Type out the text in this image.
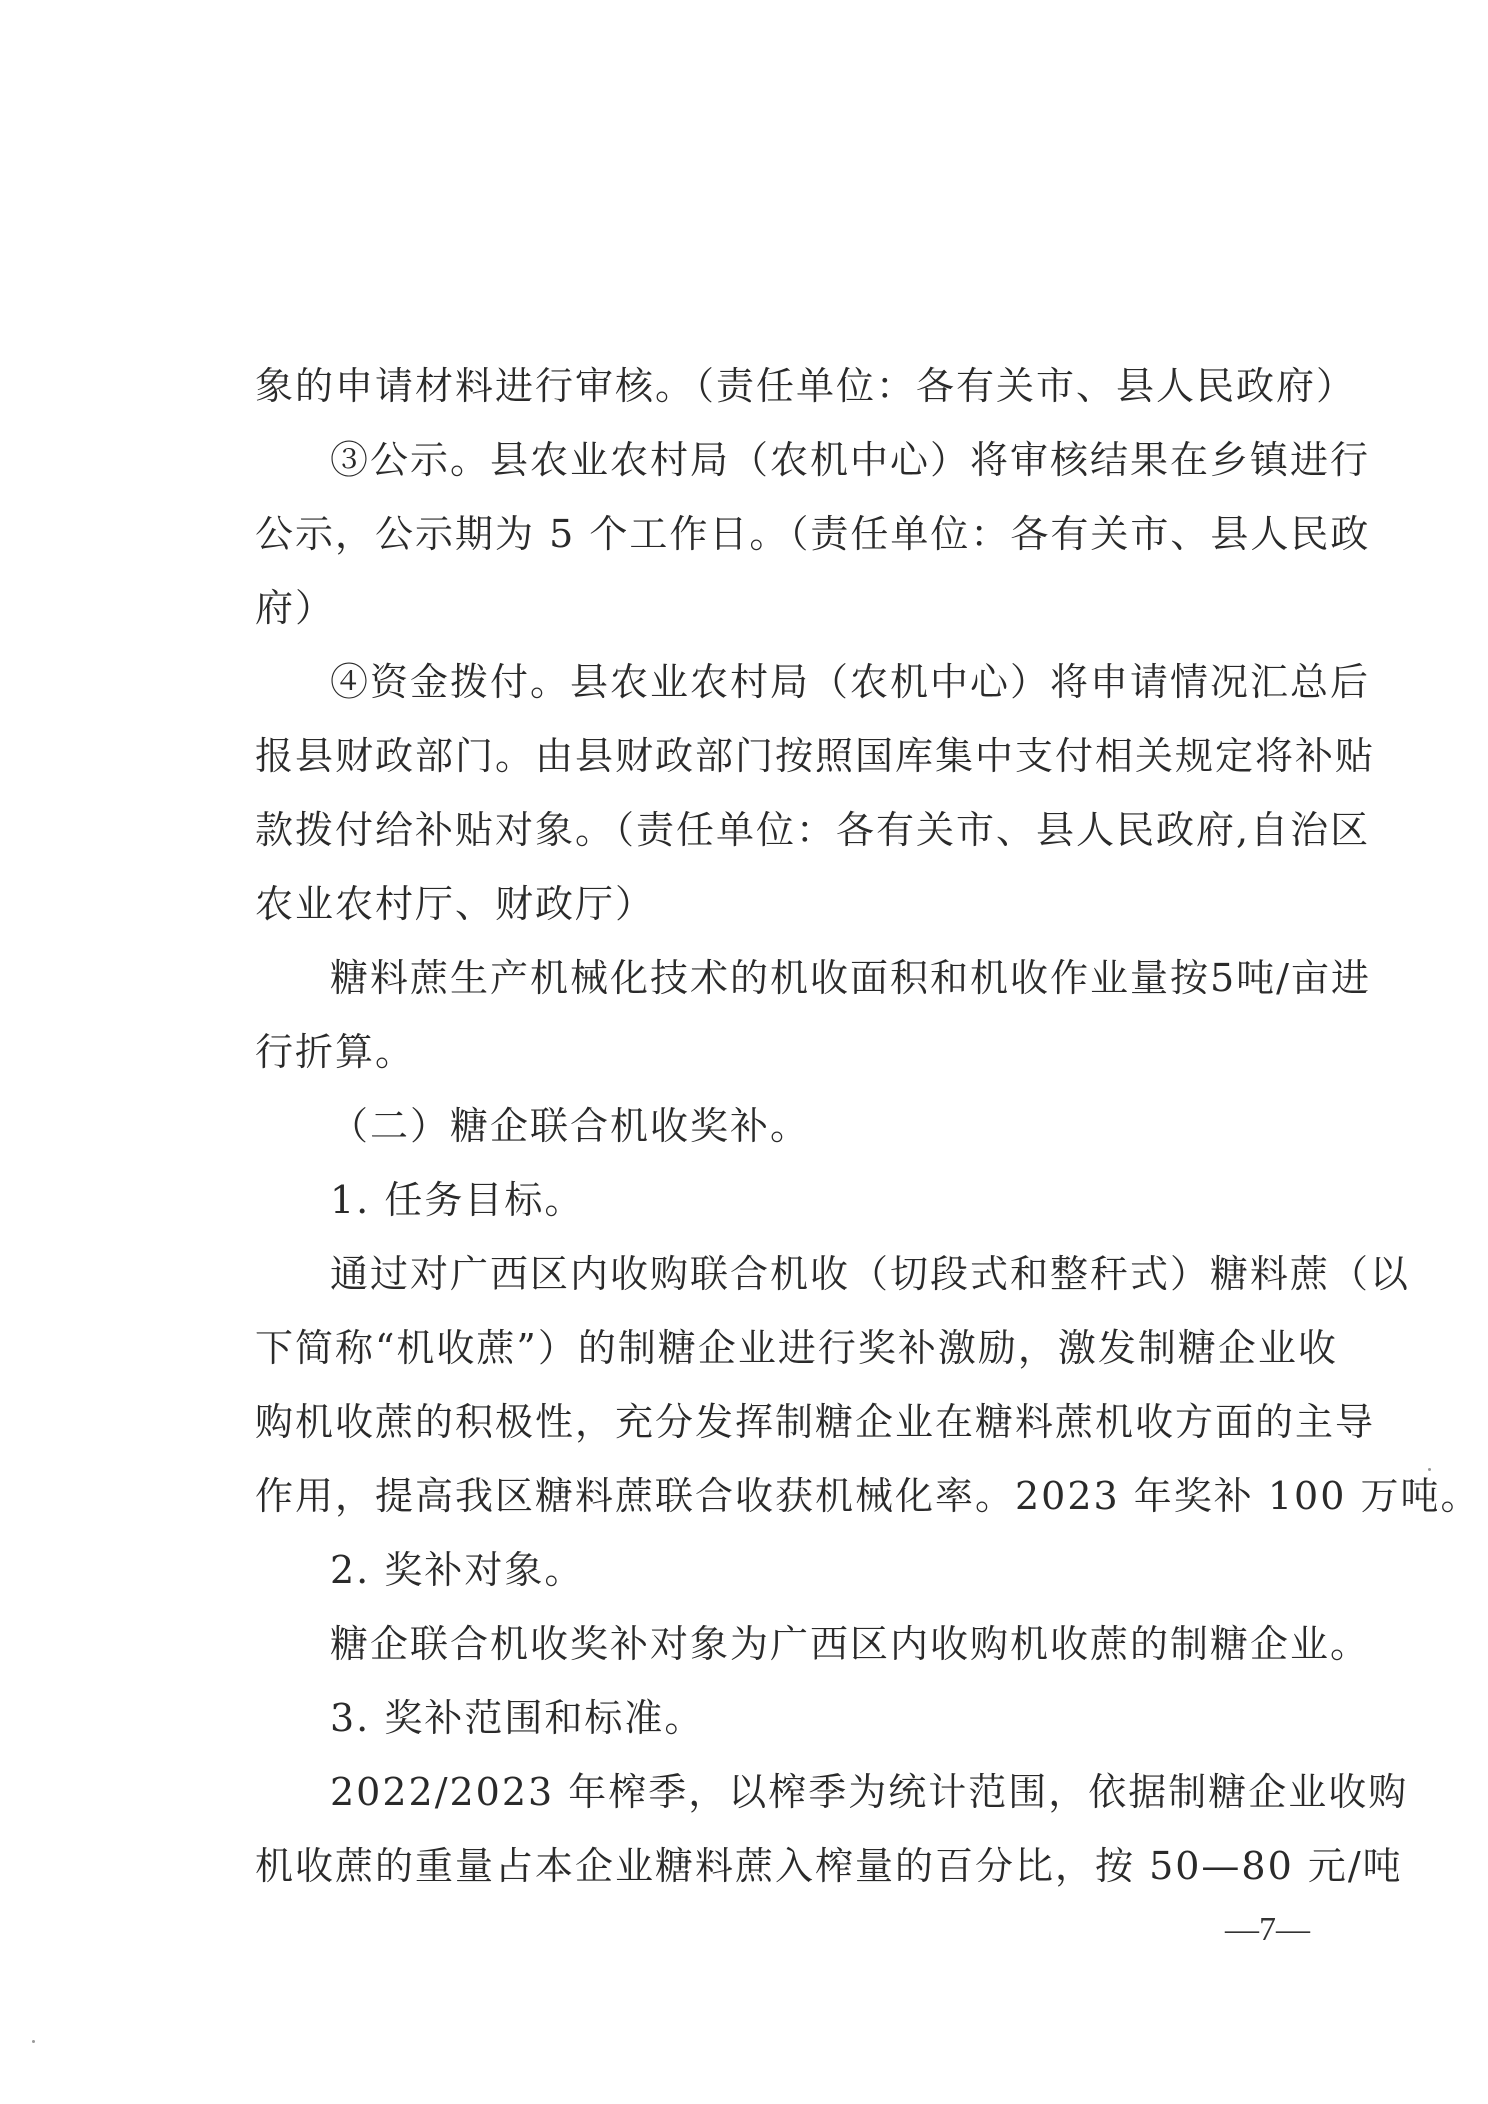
象的申请材料进行审核。（责任单位：各有关市、县人民政府）
③公示。县农业农村局（农机中心）将审核结果在乡镇进行
公示，公示期为 5 个工作日。（责任单位：各有关市、县人民政
府）
④资金拨付。县农业农村局（农机中心）将申请情况汇总后
报县财政部门。由县财政部门按照国库集中支付相关规定将补贴
款拨付给补贴对象。（责任单位：各有关市、县人民政府,自治区
农业农村厅、财政厅）
糖料蔗生产机械化技术的机收面积和机收作业量按5吨/亩进
行折算。
（二）糖企联合机收奖补。
1. 任务目标。
通过对广西区内收购联合机收（切段式和整秆式）糖料蔗（以
下简称“机收蔗”）的制糖企业进行奖补激励，激发制糖企业收
购机收蔗的积极性，充分发挥制糖企业在糖料蔗机收方面的主导
作用，提高我区糖料蔗联合收获机械化率。2023 年奖补 100 万吨。
2. 奖补对象。
糖企联合机收奖补对象为广西区内收购机收蔗的制糖企业。
3. 奖补范围和标准。
2022/2023 年榨季，以榨季为统计范围，依据制糖企业收购
机收蔗的重量占本企业糖料蔗入榨量的百分比，按 50—80 元/吨
—7—
